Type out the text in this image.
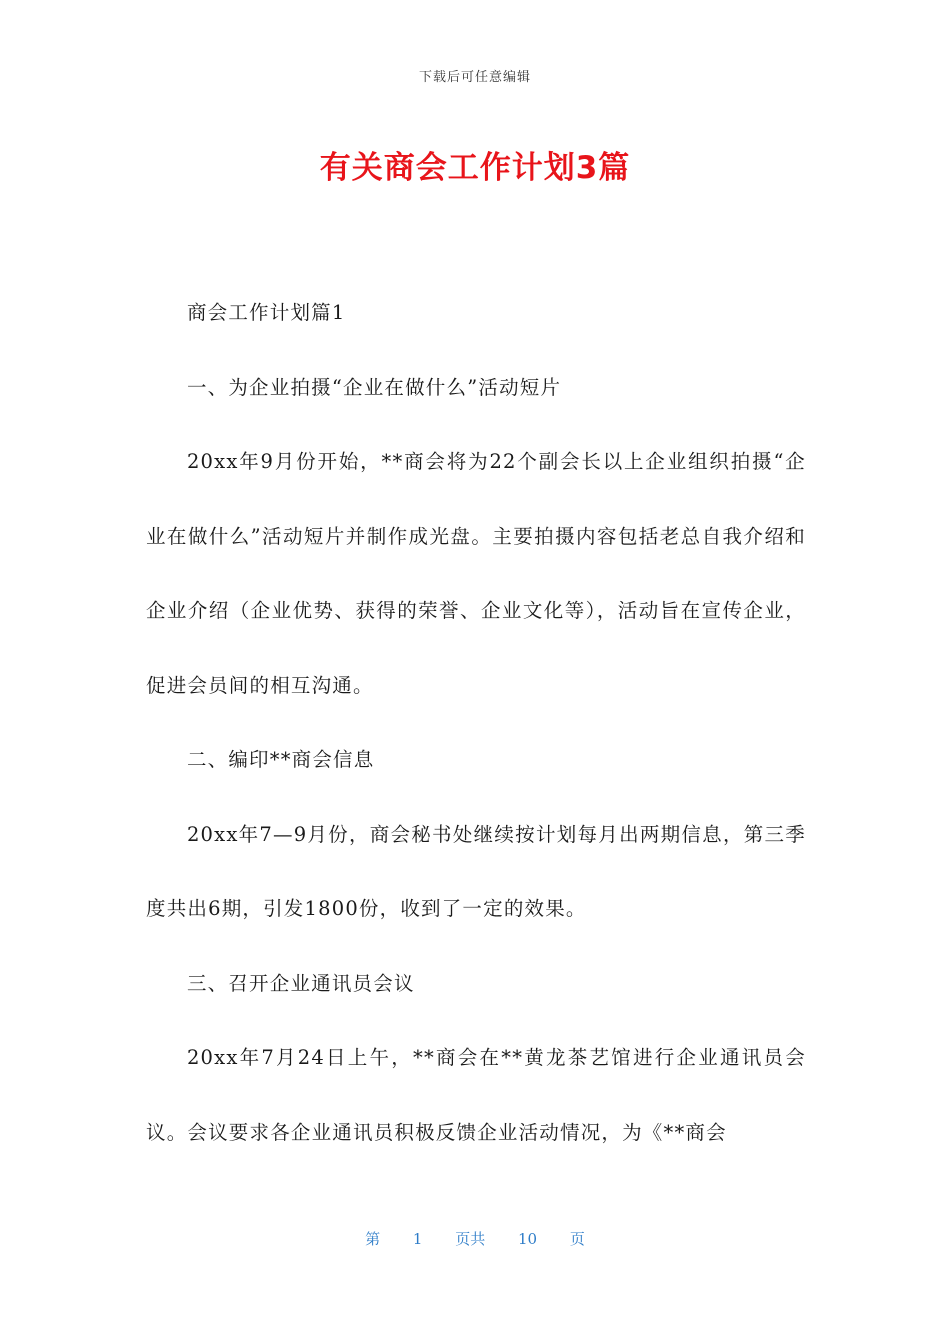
下载后可任意编辑
有关商会工作计划3篇

商会工作计划篇1

一、为企业拍摄“企业在做什么”活动短片

20xx年9月份开始，**商会将为22个副会长以上企业组织拍摄“企业在做什么”活动短片并制作成光盘。主要拍摄内容包括老总自我介绍和企业介绍（企业优势、获得的荣誉、企业文化等），活动旨在宣传企业，促进会员间的相互沟通。

二、编印**商会信息

20xx年7—9月份，商会秘书处继续按计划每月出两期信息，第三季度共出6期，引发1800份，收到了一定的效果。

三、召开企业通讯员会议

20xx年7月24日上午，**商会在**黄龙茶艺馆进行企业通讯员会议。会议要求各企业通讯员积极反馈企业活动情况，为《**商会

第 1 页共 10 页
